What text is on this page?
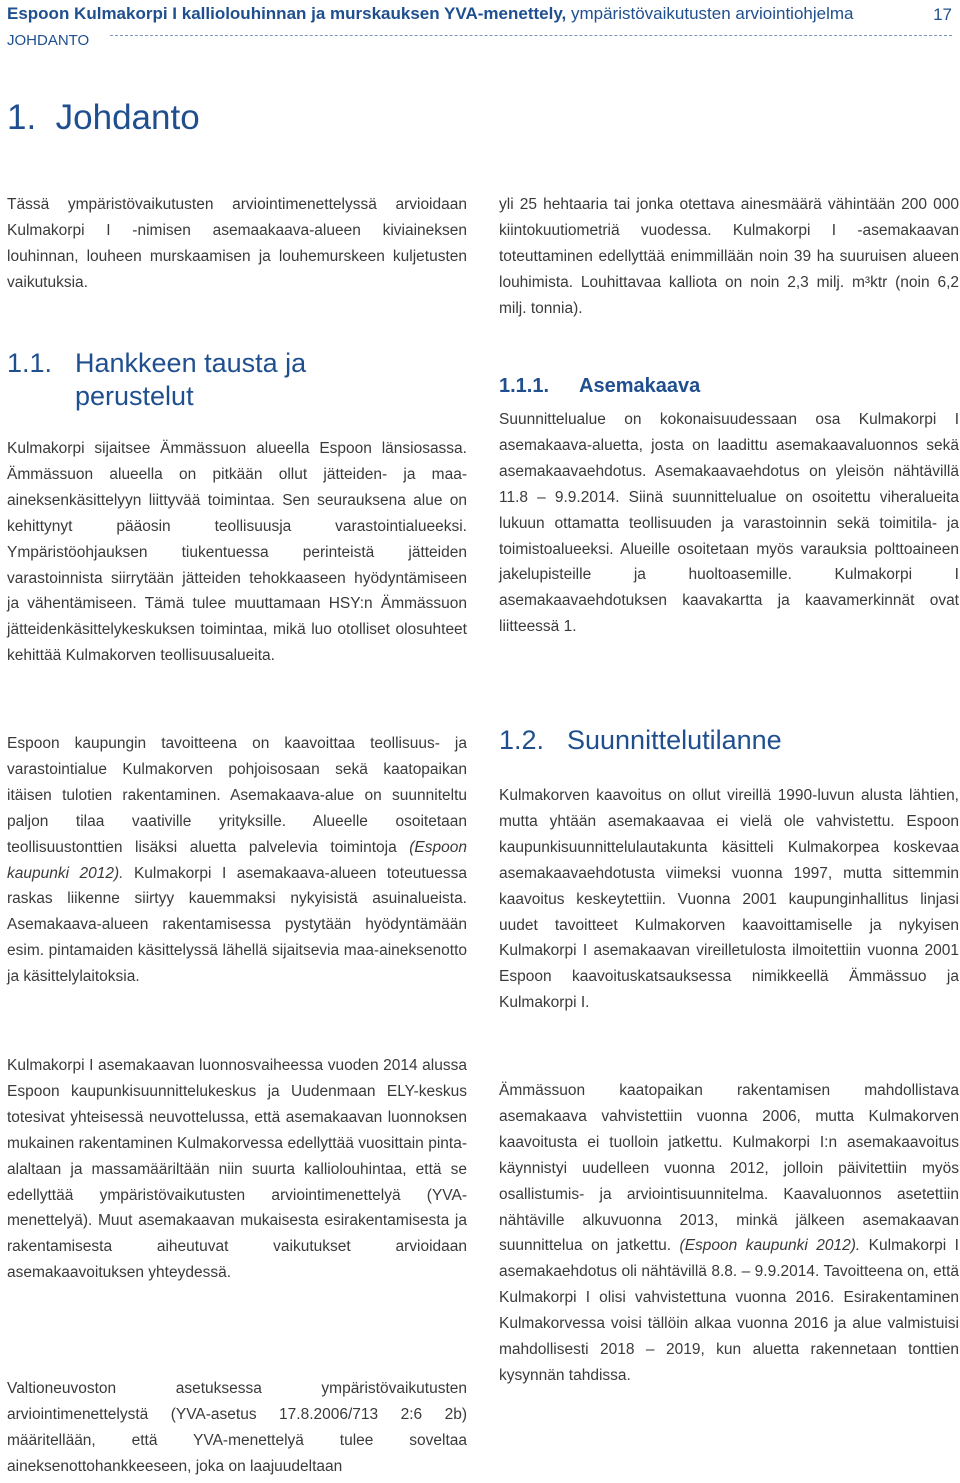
Espoon Kulmakorpi I kalliolouhinnan ja murskauksen YVA-menettely, ympäristövaikutusten arviointiohjelma	17
JOHDANTO
1. Johdanto

Tässä ympäristövaikutusten arviointimenettelyssä arvioidaan Kulmakorpi I -nimisen asemaakaava-alueen kiviaineksen louhinnan, louheen murskaamisen ja louhemurskeen kuljetusten vaikutuksia.

1.1. Hankkeen tausta ja
perustelut

Kulmakorpi sijaitsee Ämmässuon alueella Espoon länsiosassa. Ämmässuon alueella on pitkään ollut jätteiden- ja maa-aineksenkäsittelyyn liittyvää toimintaa. Sen seurauksena alue on kehittynyt pääosin teollisuusja varastointialueeksi. Ympäristöohjauksen tiukentuessa perinteistä jätteiden varastoinnista siirrytään jätteiden tehokkaaseen hyödyntämiseen ja vähentämiseen. Tämä tulee muuttamaan HSY:n Ämmässuon jätteidenkäsittelykeskuksen toimintaa, mikä luo otolliset olosuhteet kehittää Kulmakorven teollisuusalueita.

Espoon kaupungin tavoitteena on kaavoittaa teollisuus- ja varastointialue Kulmakorven pohjoisosaan sekä kaatopaikan itäisen tulotien rakentaminen. Asemakaava-alue on suunniteltu paljon tilaa vaativille yrityksille. Alueelle osoitetaan teollisuustonttien lisäksi aluetta palvelevia toimintoja (Espoon kaupunki 2012). Kulmakorpi I asemakaava-alueen toteutuessa raskas liikenne siirtyy kauemmaksi nykyisistä asuinalueista. Asemakaava-alueen rakentamisessa pystytään hyödyntämään esim. pintamaiden käsittelyssä lähellä sijaitsevia maa-aineksenotto ja käsittelylaitoksia.

Kulmakorpi I asemakaavan luonnosvaiheessa vuoden 2014 alussa Espoon kaupunkisuunnittelukeskus ja Uudenmaan ELY-keskus totesivat yhteisessä neuvottelussa, että asemakaavan luonnoksen mukainen rakentaminen Kulmakorvessa edellyttää vuosittain pinta-alaltaan ja massamääriltään niin suurta kalliolouhintaa, että se edellyttää ympäristövaikutusten arviointimenettelyä (YVA-menettelyä). Muut asemakaavan mukaisesta esirakentamisesta ja rakentamisesta aiheutuvat vaikutukset arvioidaan asemakaavoituksen yhteydessä.

Valtioneuvoston asetuksessa ympäristövaikutusten arviointimenettelystä (YVA-asetus 17.8.2006/713 2:6 2b) määritellään, että YVA-menettelyä tulee soveltaa aineksenottohankkeeseen, joka on laajuudeltaan

yli 25 hehtaaria tai jonka otettava ainesmäärä vähintään 200 000 kiintokuutiometriä vuodessa. Kulmakorpi I -asemakaavan toteuttaminen edellyttää enimmillään noin 39 ha suuruisen alueen louhimista. Louhittavaa kalliota on noin 2,3 milj. m³ktr (noin 6,2 milj. tonnia).

1.1.1. Asemakaava

Suunnittelualue on kokonaisuudessaan osa Kulmakorpi I asemakaava-aluetta, josta on laadittu asemakaavaluonnos sekä asemakaavaehdotus. Asemakaavaehdotus on yleisön nähtävillä 11.8 – 9.9.2014. Siinä suunnittelualue on osoitettu viheralueita lukuun ottamatta teollisuuden ja varastoinnin sekä toimitila- ja toimistoalueeksi. Alueille osoitetaan myös varauksia polttoaineen jakelupisteille ja huoltoasemille. Kulmakorpi I asemakaavaehdotuksen kaavakartta ja kaavamerkinnät ovat liitteessä 1.

1.2. Suunnittelutilanne

Kulmakorven kaavoitus on ollut vireillä 1990-luvun alusta lähtien, mutta yhtään asemakaavaa ei vielä ole vahvistettu. Espoon kaupunkisuunnittelulautakunta käsitteli Kulmakorpea koskevaa asemakaavaehdotusta viimeksi vuonna 1997, mutta sittemmin kaavoitus keskeytettiin. Vuonna 2001 kaupunginhallitus linjasi uudet tavoitteet Kulmakorven kaavoittamiselle ja nykyisen Kulmakorpi I asemakaavan vireilletulosta ilmoitettiin vuonna 2001 Espoon kaavoituskatsauksessa nimikkeellä Ämmässuo ja Kulmakorpi I.

Ämmässuon kaatopaikan rakentamisen mahdollistava asemakaava vahvistettiin vuonna 2006, mutta Kulmakorven kaavoitusta ei tuolloin jatkettu. Kulmakorpi I:n asemakaavoitus käynnistyi uudelleen vuonna 2012, jolloin päivitettiin myös osallistumis- ja arviointisuunnitelma. Kaavaluonnos asetettiin nähtäville alkuvuonna 2013, minkä jälkeen asemakaavan suunnittelua on jatkettu. (Espoon kaupunki 2012). Kulmakorpi I asemakaehdotus oli nähtävillä 8.8. – 9.9.2014. Tavoitteena on, että Kulmakorpi I olisi vahvistettuna vuonna 2016. Esirakentaminen Kulmakorvessa voisi tällöin alkaa vuonna 2016 ja alue valmistuisi mahdollisesti 2018 – 2019, kun aluetta rakennetaan tonttien kysynnän tahdissa.
